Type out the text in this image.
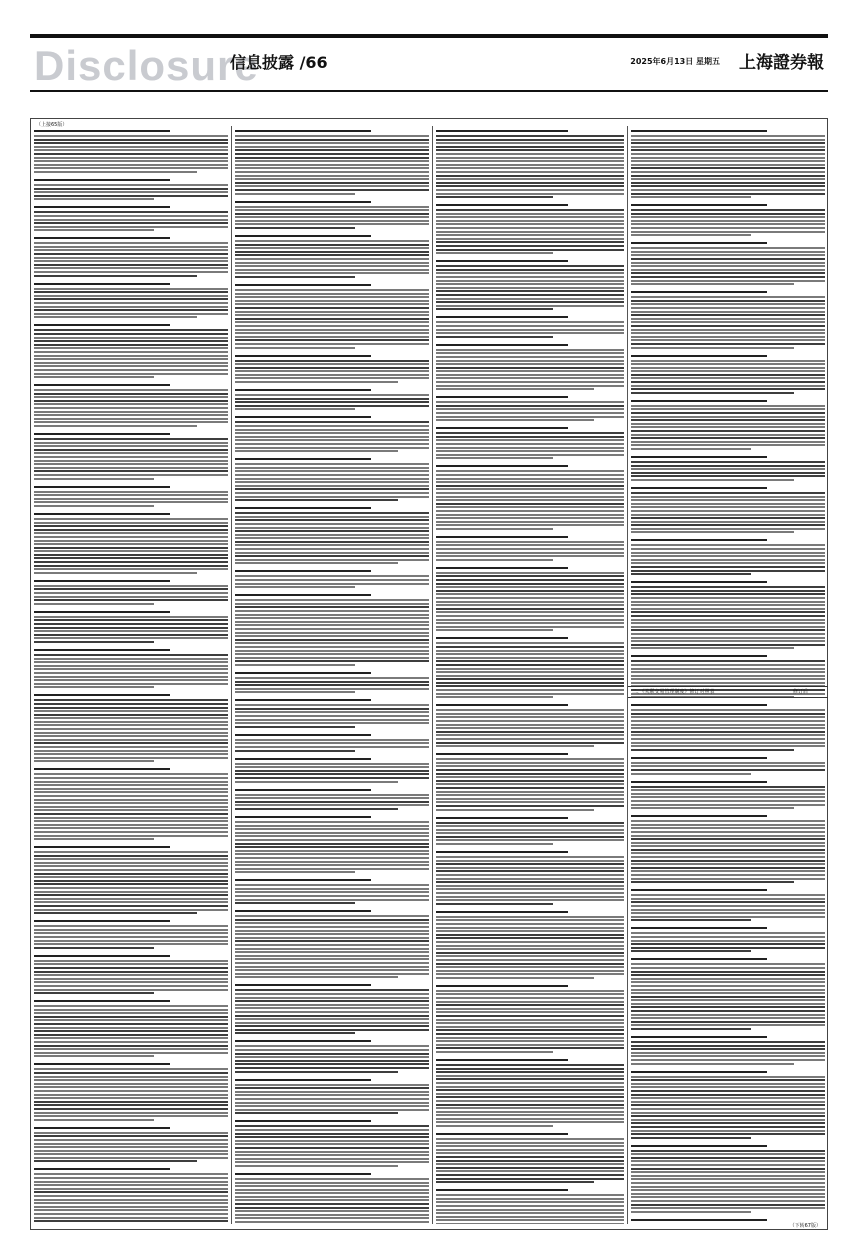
Disclosure
信息披露 /66	2025年6月13日 星期五 上海證券報
（上接65版）
（下转67版）
二、《关联交易管理制度》修订对照表	修订后
